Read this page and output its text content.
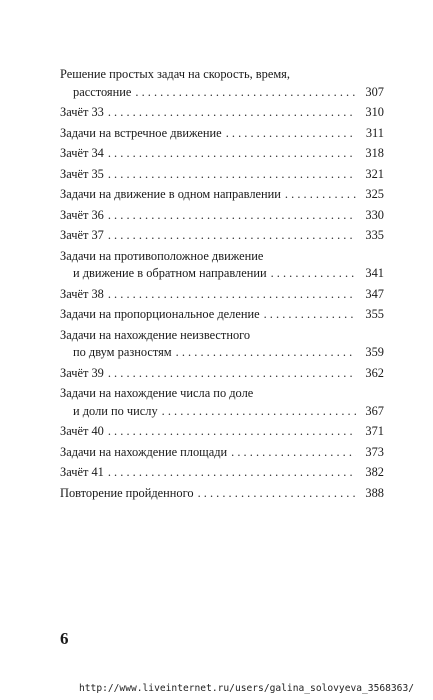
Решение простых задач на скорость, время,
расстояние . . .	307
Зачёт 33 . . .	310
Задачи на встречное движение . . .	311
Зачёт 34 . . .	318
Зачёт 35 . . .	321
Задачи на движение в одном направлении . . .	325
Зачёт 36 . . .	330
Зачёт 37 . . .	335
Задачи на противоположное движение
и движение в обратном направлении . . .	341
Зачёт 38 . . .	347
Задачи на пропорциональное деление . . .	355
Задачи на нахождение неизвестного
по двум разностям . . .	359
Зачёт 39 . . .	362
Задачи на нахождение числа по доле
и доли по числу . . .	367
Зачёт 40 . . .	371
Задачи на нахождение площади . . .	373
Зачёт 41 . . .	382
Повторение пройденного . . .	388
6
http://www.liveinternet.ru/users/galina_solovyeva_3568363/
